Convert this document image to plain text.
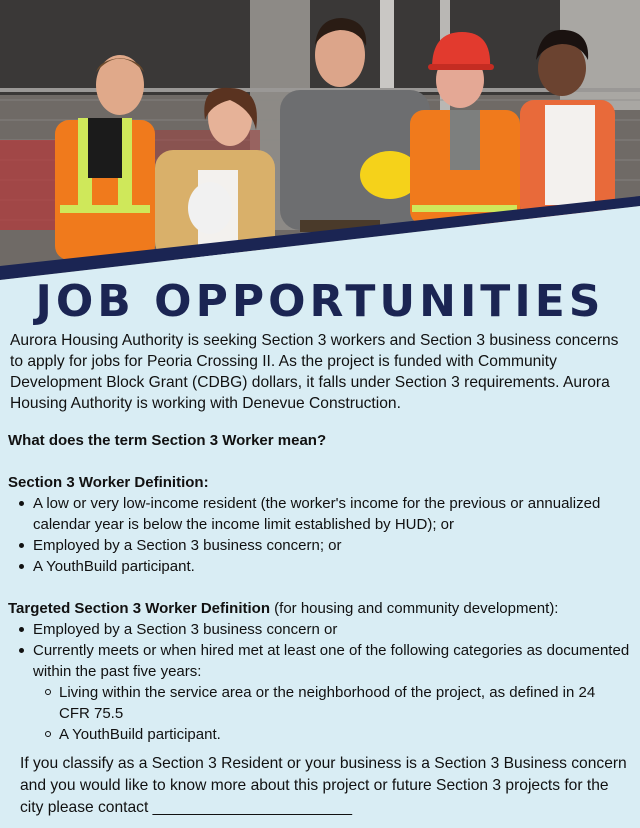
JOB OPPORTUNITIES

Aurora Housing Authority is seeking Section 3 workers and Section 3 business concerns to apply for jobs for Peoria Crossing II. As the project is funded with Community Development Block Grant (CDBG) dollars, it falls under Section 3 requirements. Aurora Housing Authority is working with Denevue Construction.

What does the term Section 3 Worker mean?
Section 3 Worker Definition:
A low or very low-income resident (the worker's income for the previous or annualized calendar year is below the income limit established by HUD); or
Employed by a Section 3 business concern; or
A YouthBuild participant.
Targeted Section 3 Worker Definition (for housing and community development):
Employed by a Section 3 business concern or
Currently meets or when hired met at least one of the following categories as documented within the past five years:
Living within the service area or the neighborhood of the project, as defined in 24 CFR 75.5
A YouthBuild participant.

If you classify as a Section 3 Resident or your business is a Section 3 Business concern and you would like to know more about this project or future Section 3 projects for the city please contact _______________________
